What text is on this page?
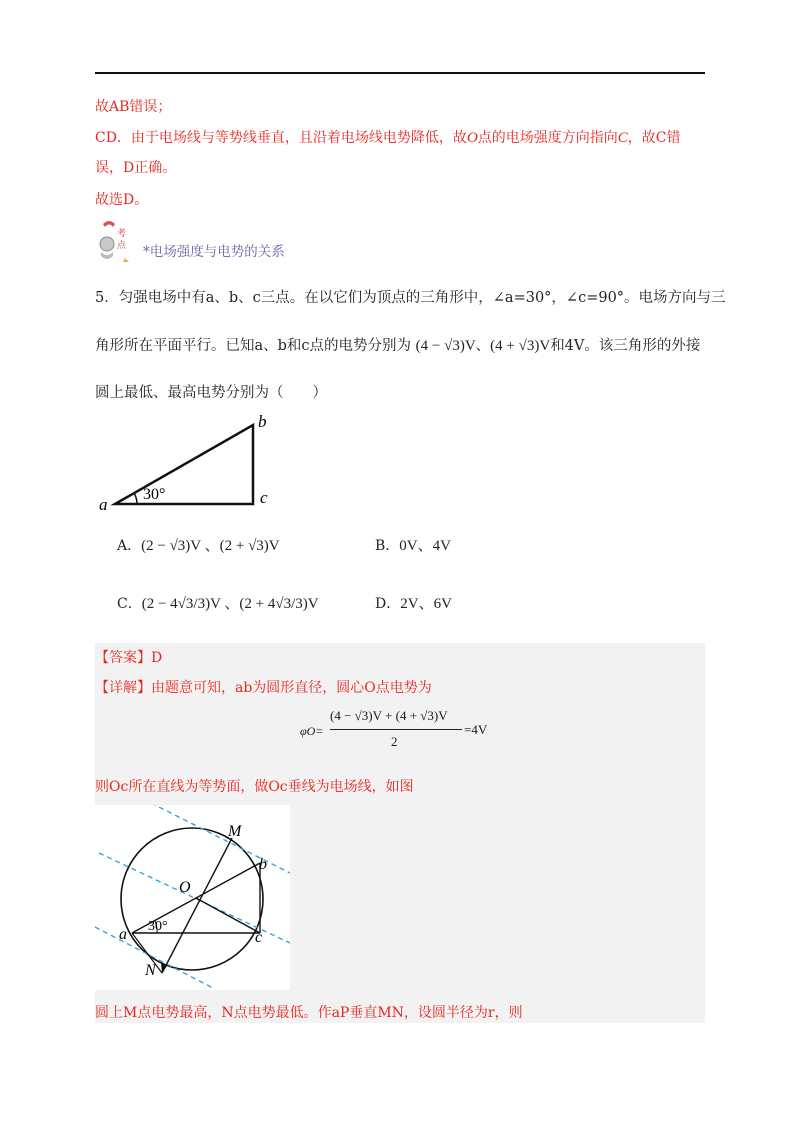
故AB错误；
CD．由于电场线与等势线垂直，且沿着电场线电势降低，故O点的电场强度方向指向C，故C错
误，D正确。
故选D。
考
点 *电场强度与电势的关系
5．匀强电场中有a、b、c三点。在以它们为顶点的三角形中，∠a=30°，∠c=90°。电场方向与三
角形所在平面平行。已知a、b和c点的电势分别为 (4 − √3)V、(4 + √3)V和4V。该三角形的外接
圆上最低、最高电势分别为（　　）
a
b
c
30°
A．(2 − √3)V 、(2 + √3)V	B．0V、4V
C．(2 − 4√3/3)V 、(2 + 4√3/3)V	D．2V、6V
【答案】D
【详解】由题意可知，ab为圆形直径，圆心O点电势为
φO=
(4 − √3)V + (4 + √3)V
2
=4V
则Oc所在直线为等势面，做Oc垂线为电场线，如图
M
b
O
a	c
N
30°
圆上M点电势最高，N点电势最低。作aP垂直MN，设圆半径为r，则
